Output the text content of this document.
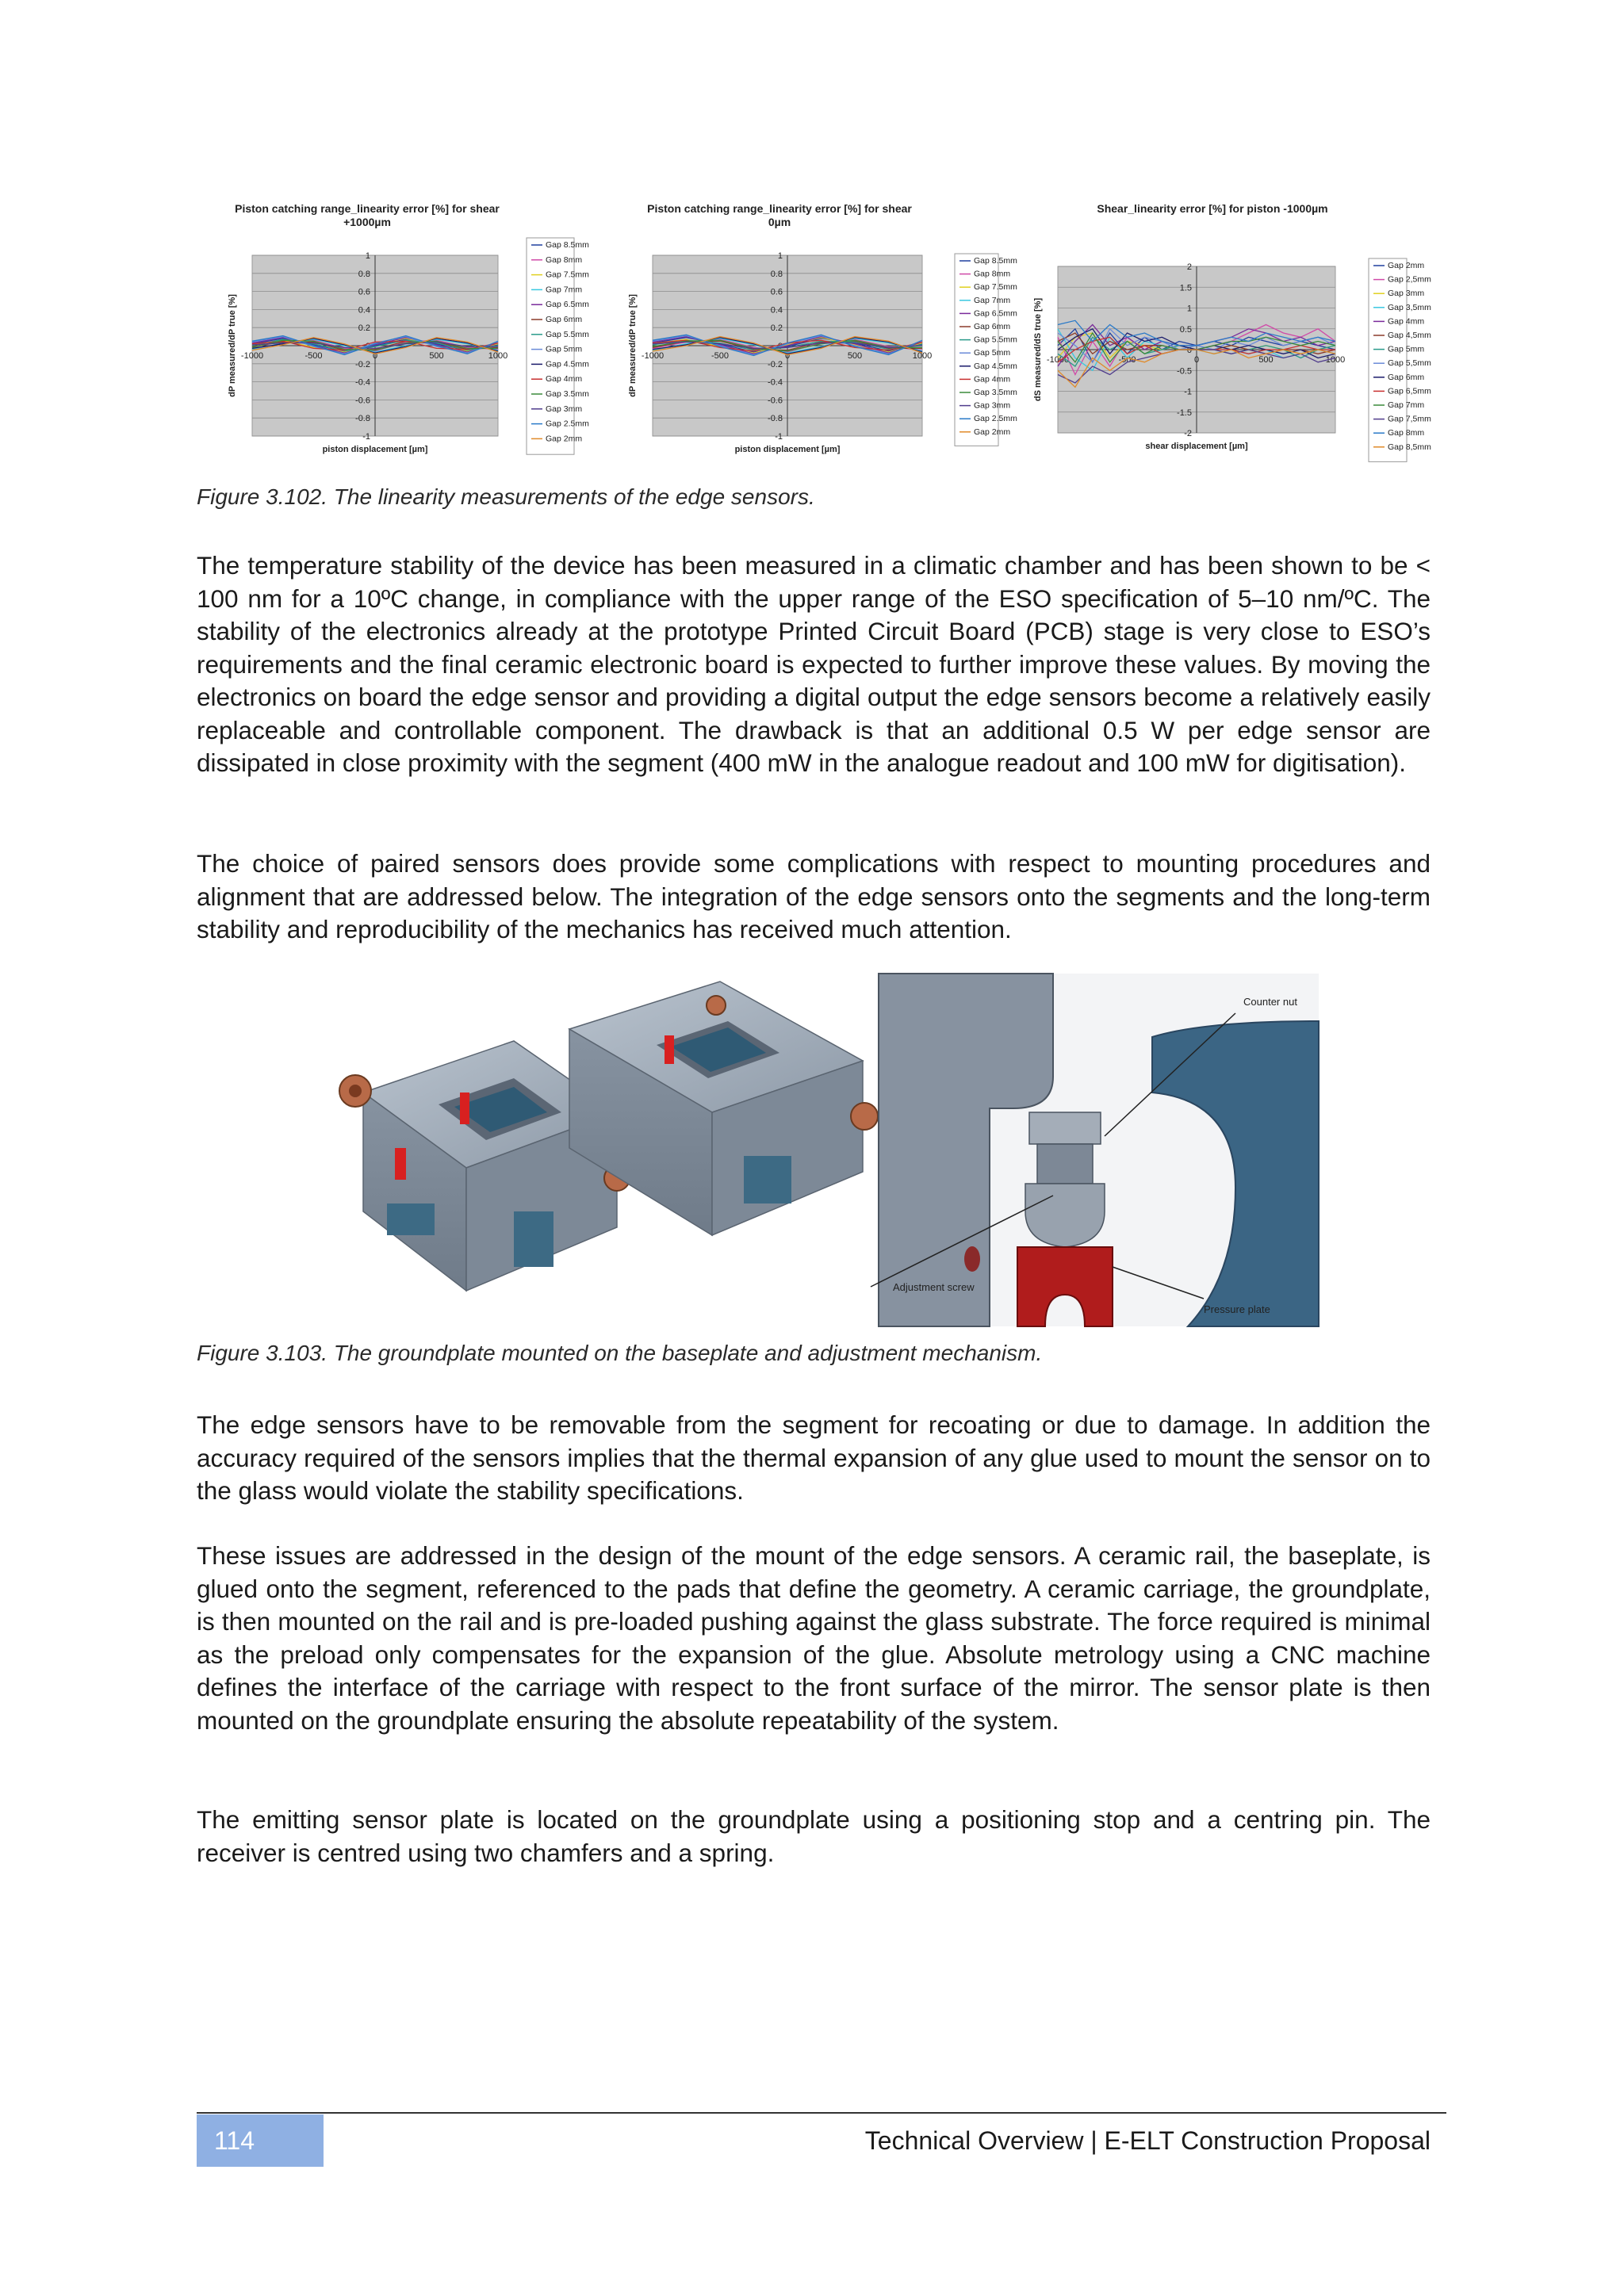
Piston catching range_linearity error [%] for shear
+1000µm
1
0.8
0.6
0.4
0.2
0
-0.2
-0.4
-0.6
-0.8
-1
-1000	-500	0	500	1000
piston displacement [µm]
dP measured/dP true [%]
Gap 8.5mm
Gap 8mm
Gap 7.5mm
Gap 7mm
Gap 6.5mm
Gap 6mm
Gap 5.5mm
Gap 5mm
Gap 4.5mm
Gap 4mm
Gap 3.5mm
Gap 3mm
Gap 2.5mm
Gap 2mm
Piston catching range_linearity error [%] for shear
0µm
1
0.8
0.6
0.4
0.2
0
-0.2
-0.4
-0.6
-0.8
-1
-1000	-500	0	500	1000
piston displacement [µm]
dP measured/dP true [%]
Gap 8.5mm
Gap 8mm
Gap 7.5mm
Gap 7mm
Gap 6.5mm
Gap 6mm
Gap 5.5mm
Gap 5mm
Gap 4.5mm
Gap 4mm
Gap 3.5mm
Gap 3mm
Gap 2.5mm
Gap 2mm
Shear_linearity error [%] for piston -1000µm
2
1.5
1
0.5
0
-0.5
-1
-1.5
-2
-1000	-500	0	500	1000
shear displacement [µm]
dS measured/dS true [%]
Gap 2mm
Gap 2,5mm
Gap 3mm
Gap 3,5mm
Gap 4mm
Gap 4,5mm
Gap 5mm
Gap 5,5mm
Gap 6mm
Gap 6,5mm
Gap 7mm
Gap 7,5mm
Gap 8mm
Gap 8,5mm
Figure 3.102. The linearity measurements of the edge sensors.

The temperature stability of the device has been measured in a climatic chamber and has been shown to be < 100 nm for a 10ºC change, in compliance with the upper range of the ESO specification of 5–10 nm/ºC. The stability of the electronics already at the prototype Printed Circuit Board (PCB) stage is very close to ESO’s requirements and the final ceramic electronic board is expected to further improve these values. By moving the electronics on board the edge sensor and providing a digital output the edge sensors become a relatively easily replaceable and controllable component. The drawback is that an additional 0.5 W per edge sensor are dissipated in close proximity with the segment (400 mW in the analogue readout and 100 mW for digitisation).

The choice of paired sensors does provide some complications with respect to mounting procedures and alignment that are addressed below. The integration of the edge sensors onto the segments and the long-term stability and reproducibility of the mechanics has received much attention.

Counter nut
Adjustment screw
Pressure plate
Figure 3.103. The groundplate mounted on the baseplate and adjustment mechanism.

The edge sensors have to be removable from the segment for recoating or due to damage. In addition the accuracy required of the sensors implies that the thermal expansion of any glue used to mount the sensor on to the glass would violate the stability specifications.

These issues are addressed in the design of the mount of the edge sensors. A ceramic rail, the baseplate, is glued onto the segment, referenced to the pads that define the geometry. A ceramic carriage, the groundplate, is then mounted on the rail and is pre-loaded pushing against the glass substrate. The force required is minimal as the preload only compensates for the expansion of the glue. Absolute metrology using a CNC machine defines the interface of the carriage with respect to the front surface of the mirror. The sensor plate is then mounted on the groundplate ensuring the absolute repeatability of the system.

The emitting sensor plate is located on the groundplate using a positioning stop and a centring pin. The receiver is centred using two chamfers and a spring.

114	Technical Overview | E-ELT Construction Proposal
